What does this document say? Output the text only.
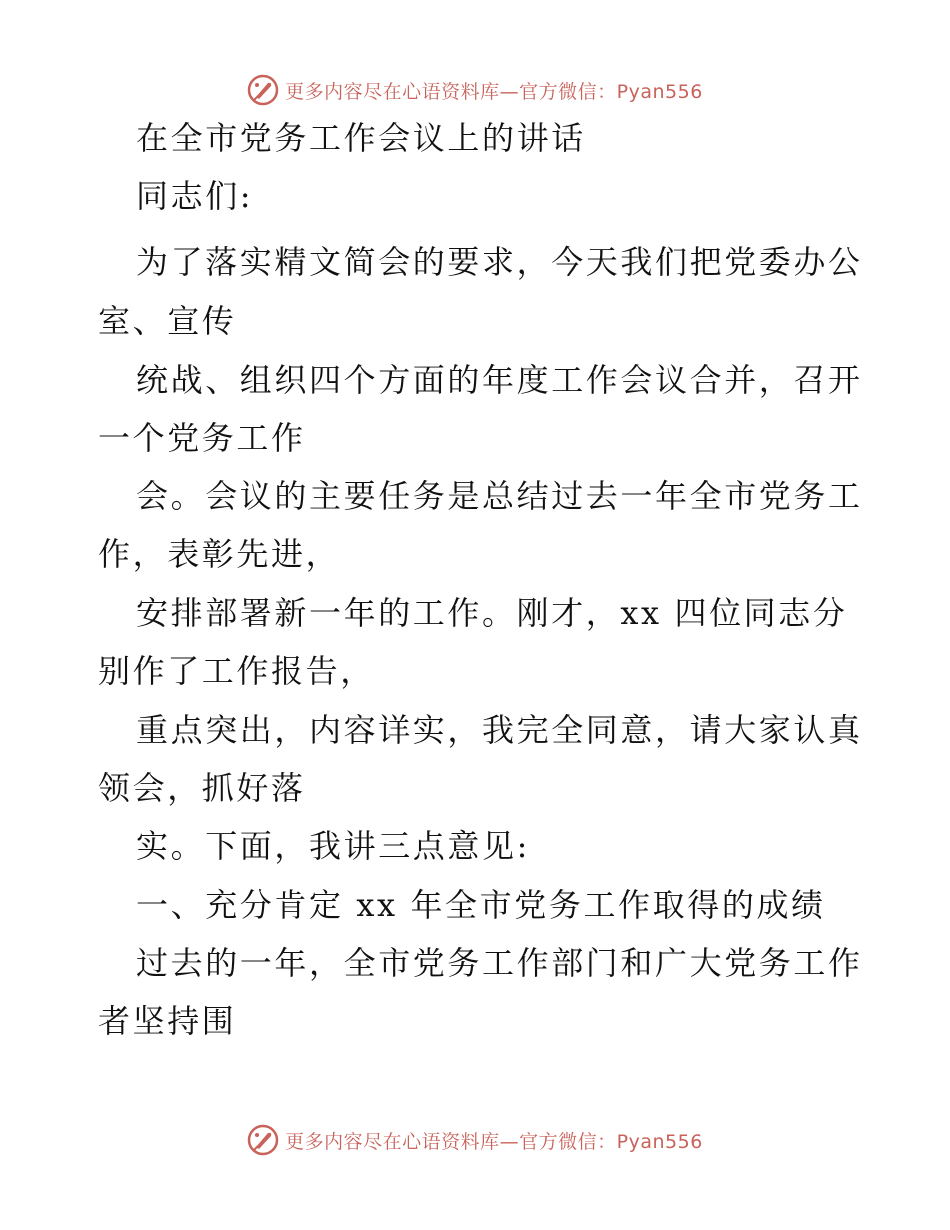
更多内容尽在心语资料库—官方微信：Pyan556
在全市党务工作会议上的讲话
同志们:
为了落实精文简会的要求，今天我们把党委办公
室、宣传
统战、组织四个方面的年度工作会议合并，召开
一个党务工作
会。会议的主要任务是总结过去一年全市党务工
作，表彰先进，
安排部署新一年的工作。刚才，xx 四位同志分
别作了工作报告，
重点突出，内容详实，我完全同意，请大家认真
领会，抓好落
实。下面，我讲三点意见:
一、充分肯定 xx 年全市党务工作取得的成绩
过去的一年，全市党务工作部门和广大党务工作
者坚持围
更多内容尽在心语资料库—官方微信：Pyan556
